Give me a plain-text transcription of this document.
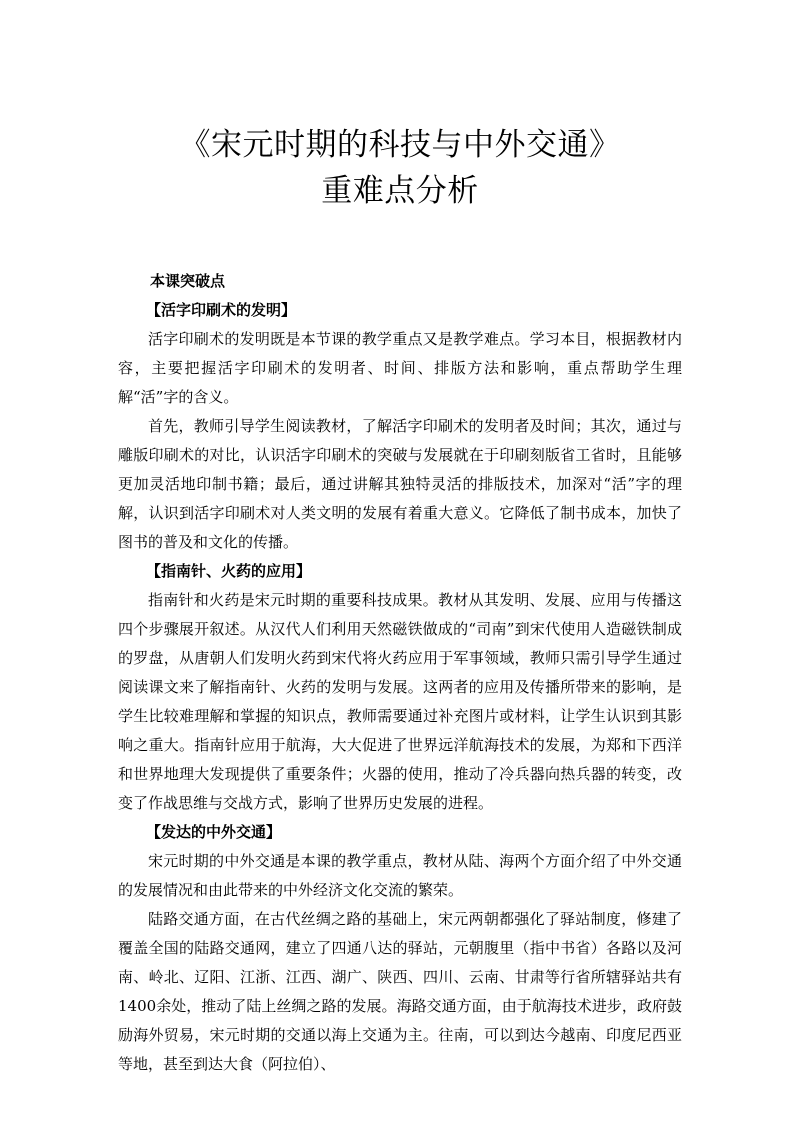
《宋元时期的科技与中外交通》
重难点分析
本课突破点
【活字印刷术的发明】

活字印刷术的发明既是本节课的教学重点又是教学难点。学习本目，根据教材内容，主要把握活字印刷术的发明者、时间、排版方法和影响，重点帮助学生理解“活”字的含义。

首先，教师引导学生阅读教材，了解活字印刷术的发明者及时间；其次，通过与雕版印刷术的对比，认识活字印刷术的突破与发展就在于印刷刻版省工省时，且能够更加灵活地印制书籍；最后，通过讲解其独特灵活的排版技术，加深对“活”字的理解，认识到活字印刷术对人类文明的发展有着重大意义。它降低了制书成本，加快了图书的普及和文化的传播。

【指南针、火药的应用】

指南针和火药是宋元时期的重要科技成果。教材从其发明、发展、应用与传播这四个步骤展开叙述。从汉代人们利用天然磁铁做成的“司南”到宋代使用人造磁铁制成的罗盘，从唐朝人们发明火药到宋代将火药应用于军事领域，教师只需引导学生通过阅读课文来了解指南针、火药的发明与发展。这两者的应用及传播所带来的影响，是学生比较难理解和掌握的知识点，教师需要通过补充图片或材料，让学生认识到其影响之重大。指南针应用于航海，大大促进了世界远洋航海技术的发展，为郑和下西洋和世界地理大发现提供了重要条件；火器的使用，推动了冷兵器向热兵器的转变，改变了作战思维与交战方式，影响了世界历史发展的进程。

【发达的中外交通】

宋元时期的中外交通是本课的教学重点，教材从陆、海两个方面介绍了中外交通的发展情况和由此带来的中外经济文化交流的繁荣。

陆路交通方面，在古代丝绸之路的基础上，宋元两朝都强化了驿站制度，修建了覆盖全国的陆路交通网，建立了四通八达的驿站，元朝腹里（指中书省）各路以及河南、岭北、辽阳、江浙、江西、湖广、陕西、四川、云南、甘肃等行省所辖驿站共有1400余处，推动了陆上丝绸之路的发展。海路交通方面，由于航海技术进步，政府鼓励海外贸易，宋元时期的交通以海上交通为主。往南，可以到达今越南、印度尼西亚等地，甚至到达大食（阿拉伯）、
